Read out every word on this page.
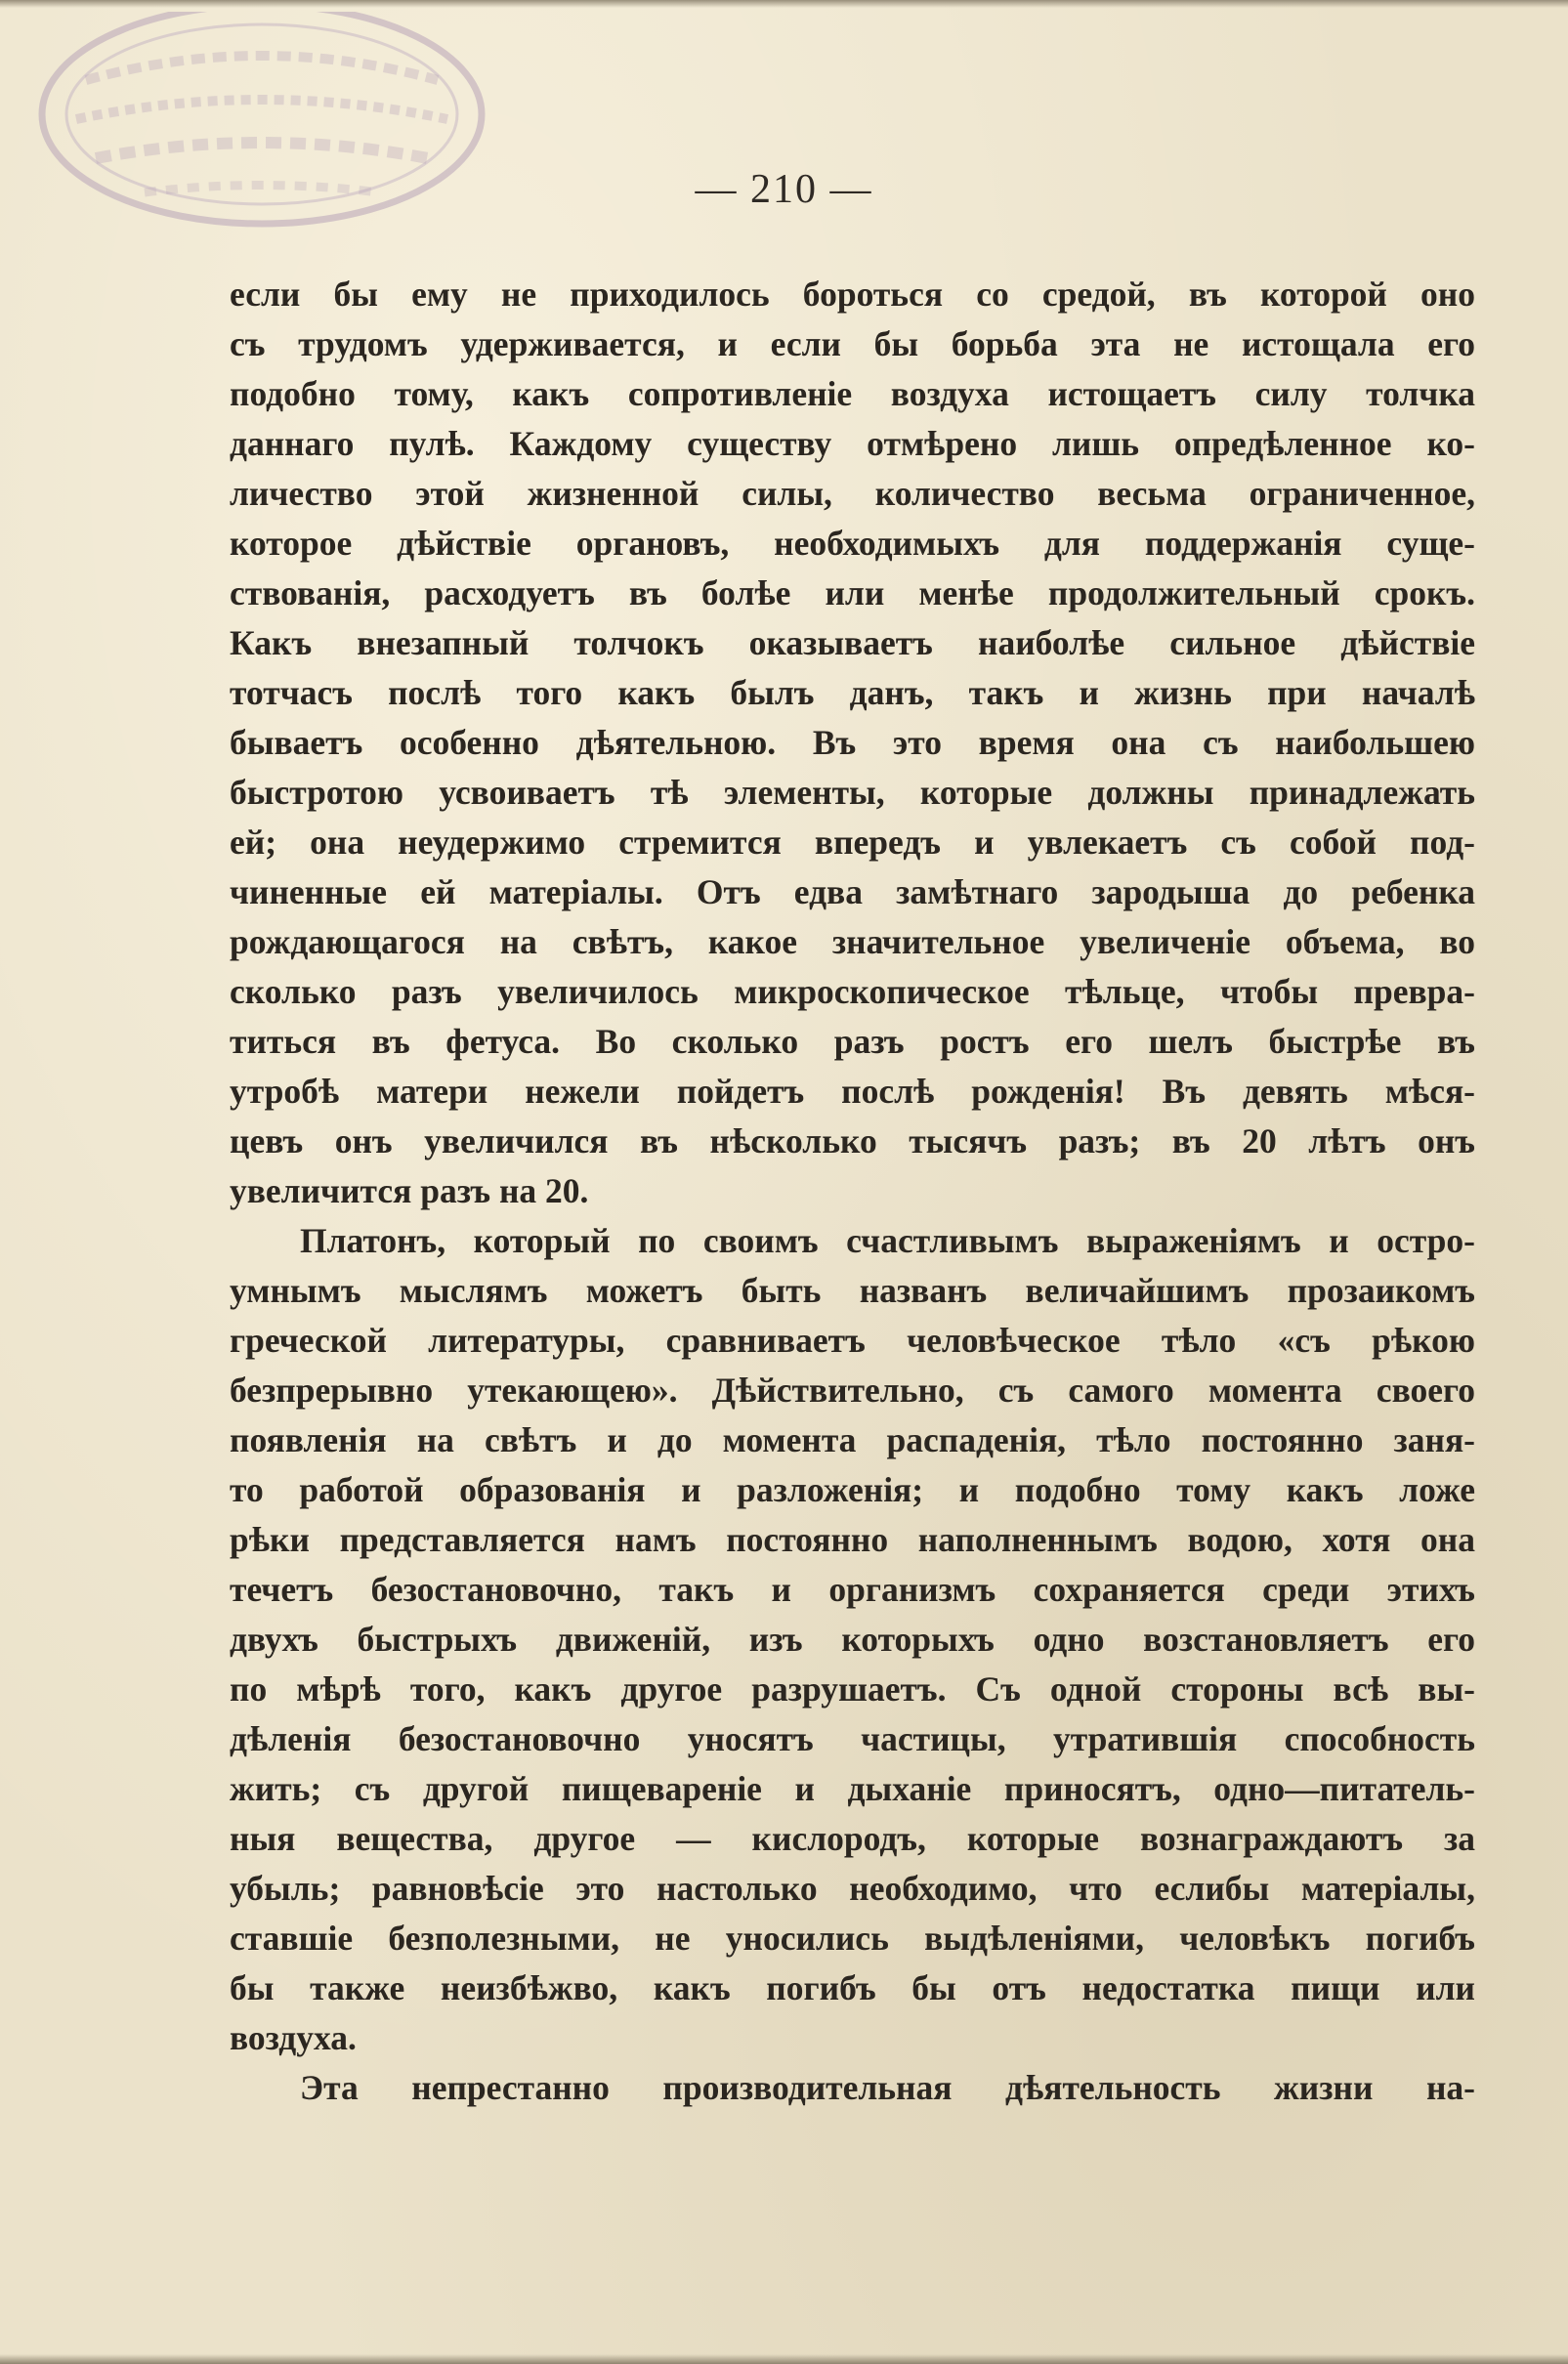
— 210 —
если бы ему не приходилось бороться со средой, въ которой оно
съ трудомъ удерживается, и если бы борьба эта не истощала его
подобно тому, какъ сопротивленіе воздуха истощаетъ силу толчка
даннаго пулѣ. Каждому существу отмѣрено лишь опредѣленное ко-
личество этой жизненной силы, количество весьма ограниченное,
которое дѣйствіе органовъ, необходимыхъ для поддержанія суще-
ствованія, расходуетъ въ болѣе или менѣе продолжительный срокъ.
Какъ внезапный толчокъ оказываетъ наиболѣе сильное дѣйствіе
тотчасъ послѣ того какъ былъ данъ, такъ и жизнь при началѣ
бываетъ особенно дѣятельною. Въ это время она съ наибольшею
быстротою усвоиваетъ тѣ элементы, которые должны принадлежать
ей; она неудержимо стремится впередъ и увлекаетъ съ собой под-
чиненные ей матеріалы. Отъ едва замѣтнаго зародыша до ребенка
рождающагося на свѣтъ, какое значительное увеличеніе объема, во
сколько разъ увеличилось микроскопическое тѣльце, чтобы превра-
титься въ фетуса. Во сколько разъ ростъ его шелъ быстрѣе въ
утробѣ матери нежели пойдетъ послѣ рожденія! Въ девять мѣся-
цевъ онъ увеличился въ нѣсколько тысячъ разъ; въ 20 лѣтъ онъ
увеличится разъ на 20.
Платонъ, который по своимъ счастливымъ выраженіямъ и остро-
умнымъ мыслямъ можетъ быть названъ величайшимъ прозаикомъ
греческой литературы, сравниваетъ человѣческое тѣло «съ рѣкою
безпрерывно утекающею». Дѣйствительно, съ самого момента своего
появленія на свѣтъ и до момента распаденія, тѣло постоянно заня-
то работой образованія и разложенія; и подобно тому какъ ложе
рѣки представляется намъ постоянно наполненнымъ водою, хотя она
течетъ безостановочно, такъ и организмъ сохраняется среди этихъ
двухъ быстрыхъ движеній, изъ которыхъ одно возстановляетъ его
по мѣрѣ того, какъ другое разрушаетъ. Съ одной стороны всѣ вы-
дѣленія безостановочно уносятъ частицы, утратившія способность
жить; съ другой пищевареніе и дыханіе приносятъ, одно—питатель-
ныя вещества, другое — кислородъ, которые вознаграждаютъ за
убыль; равновѣсіе это настолько необходимо, что еслибы матеріалы,
ставшіе безполезными, не уносились выдѣленіями, человѣкъ погибъ
бы также неизбѣжво, какъ погибъ бы отъ недостатка пищи или
воздуха.
Эта непрестанно производительная дѣятельность жизни на-
